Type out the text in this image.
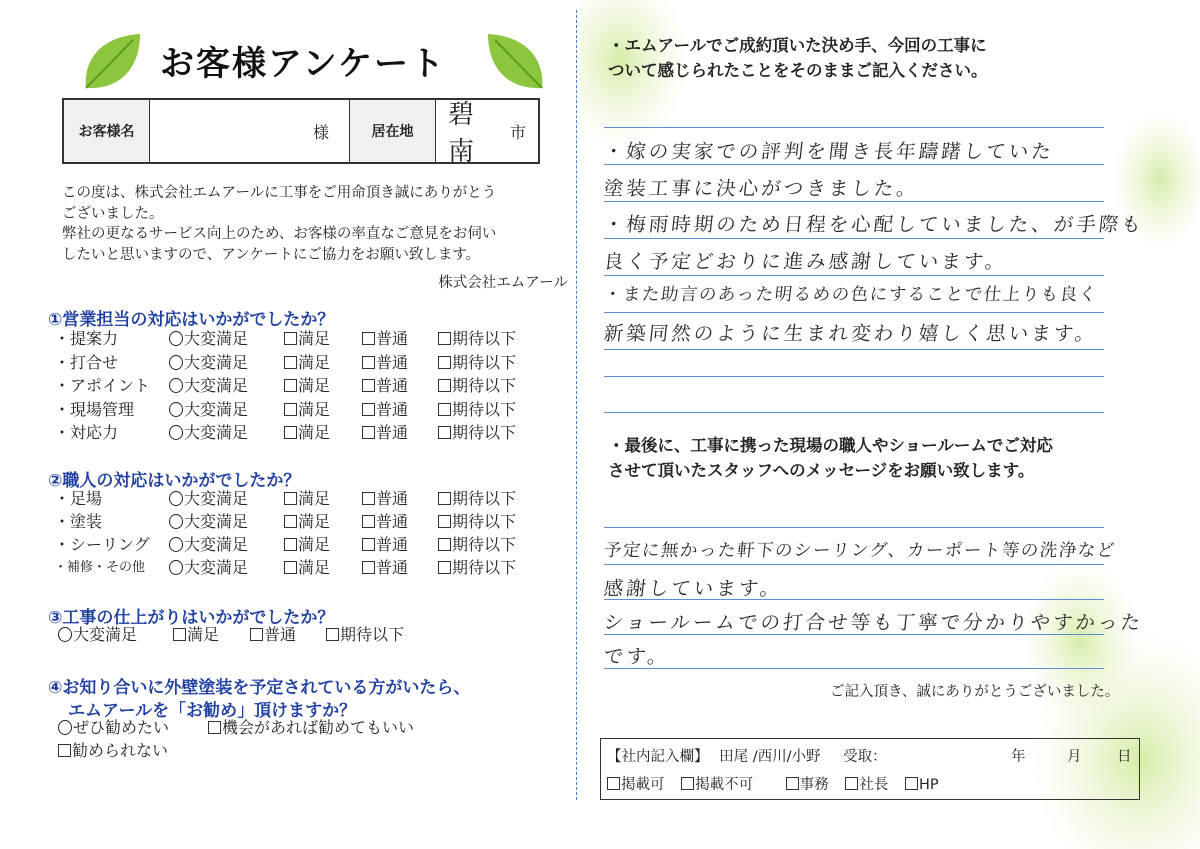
お客様アンケート
お客様名	様	居在地
碧南
市
この度は、株式会社エムアールに工事をご用命頂き誠にありがとう
ございました。
弊社の更なるサービス向上のため、お客様の率直なご意見をお伺い
したいと思いますので、アンケートにご協力をお願い致します。
株式会社エムアール
①営業担当の対応はいかがでしたか？
・提案力	大変満足	満足	普通	期待以下
・打合せ	大変満足	満足	普通	期待以下
・アポイント	大変満足	満足	普通	期待以下
・現場管理	大変満足	満足	普通	期待以下
・対応力	大変満足	満足	普通	期待以下
②職人の対応はいかがでしたか？
・足場	大変満足	満足	普通	期待以下
・塗装	大変満足	満足	普通	期待以下
・シーリング	大変満足	満足	普通	期待以下
・補修・その他	大変満足	満足	普通	期待以下
③工事の仕上がりはいかがでしたか？
大変満足	満足	普通	期待以下
④お知り合いに外壁塗装を予定されている方がいたら、
エムアールを「お勧め」頂けますか？
ぜひ勧めたい	機会があれば勧めてもいい
勧められない
・エムアールでご成約頂いた決め手、今回の工事に
ついて感じられたことをそのままご記入ください。
・嫁の実家での評判を聞き長年躊躇していた
塗装工事に決心がつきました。
・梅雨時期のため日程を心配していました、が手際も
良く予定どおりに進み感謝しています。
・また助言のあった明るめの色にすることで仕上りも良く
新築同然のように生まれ変わり嬉しく思います。
・最後に、工事に携った現場の職人やショールームでご対応
させて頂いたスタッフへのメッセージをお願い致します。
予定に無かった軒下のシーリング、カーポート等の洗浄など
感謝しています。
ショールームでの打合せ等も丁寧で分かりやすかった
です。
ご記入頂き、誠にありがとうございました。
【社内記入欄】 田尾 /西川/小野 受取：	年	月 日
掲載可 掲載不可	事務 社長 HP
